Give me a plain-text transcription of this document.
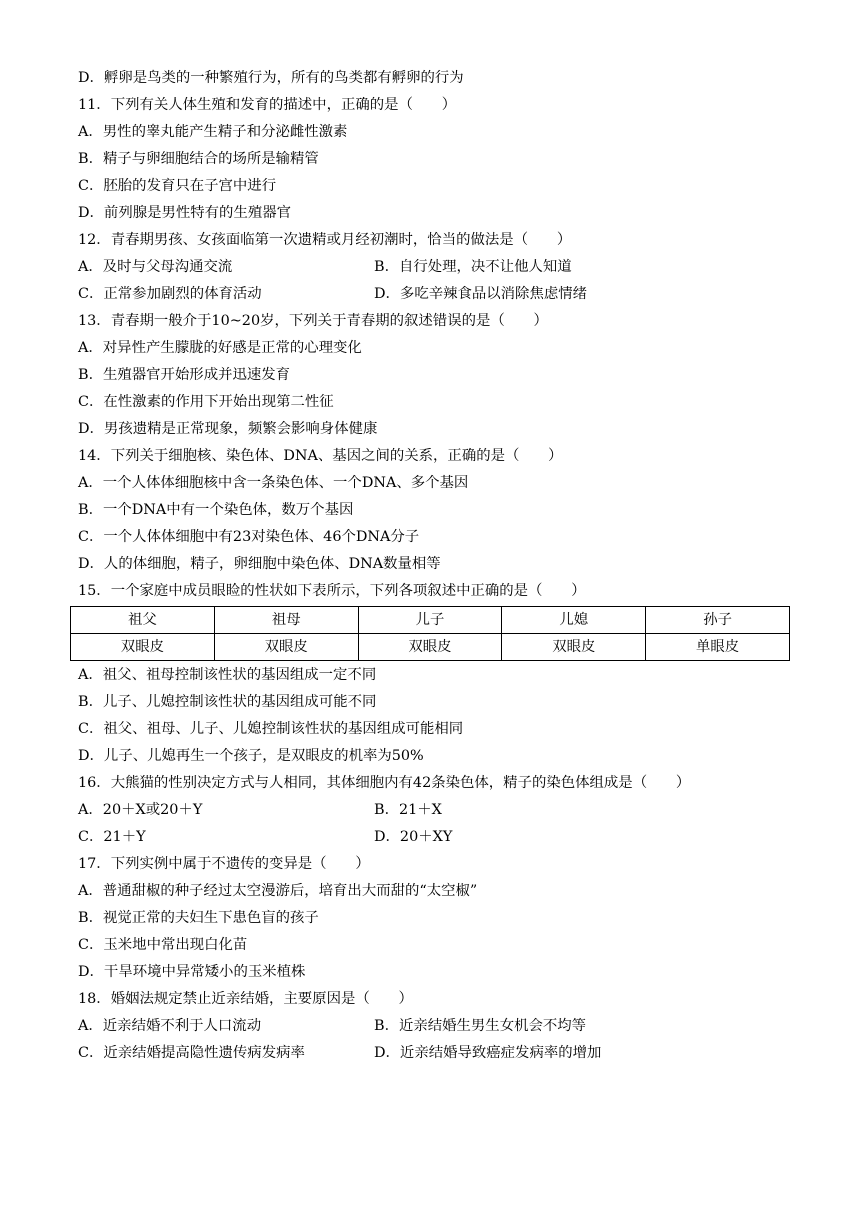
D．孵卵是鸟类的一种繁殖行为，所有的鸟类都有孵卵的行为
11．下列有关人体生殖和发育的描述中，正确的是（　　）
A．男性的睾丸能产生精子和分泌雌性激素
B．精子与卵细胞结合的场所是输精管
C．胚胎的发育只在子宫中进行
D．前列腺是男性特有的生殖器官
12．青春期男孩、女孩面临第一次遗精或月经初潮时，恰当的做法是（　　）
A．及时与父母沟通交流	B．自行处理，决不让他人知道
C．正常参加剧烈的体育活动	D．多吃辛辣食品以消除焦虑情绪
13．青春期一般介于10~20岁，下列关于青春期的叙述错误的是（　　）
A．对异性产生朦胧的好感是正常的心理变化
B．生殖器官开始形成并迅速发育
C．在性激素的作用下开始出现第二性征
D．男孩遗精是正常现象，频繁会影响身体健康
14．下列关于细胞核、染色体、DNA、基因之间的关系，正确的是（　　）
A．一个人体体细胞核中含一条染色体、一个DNA、多个基因
B．一个DNA中有一个染色体，数万个基因
C．一个人体体细胞中有23对染色体、46个DNA分子
D．人的体细胞，精子，卵细胞中染色体、DNA数量相等
15．一个家庭中成员眼睑的性状如下表所示，下列各项叙述中正确的是（　　）
祖父	祖母	儿子	儿媳	孙子
双眼皮	双眼皮	双眼皮	双眼皮	单眼皮
A．祖父、祖母控制该性状的基因组成一定不同
B．儿子、儿媳控制该性状的基因组成可能不同
C．祖父、祖母、儿子、儿媳控制该性状的基因组成可能相同
D．儿子、儿媳再生一个孩子，是双眼皮的机率为50%
16．大熊猫的性别决定方式与人相同，其体细胞内有42条染色体，精子的染色体组成是（　　）
A．20＋X或20＋Y	B．21＋X
C．21＋Y	D．20＋XY
17．下列实例中属于不遗传的变异是（　　）
A．普通甜椒的种子经过太空漫游后，培育出大而甜的“太空椒”
B．视觉正常的夫妇生下患色盲的孩子
C．玉米地中常出现白化苗
D．干旱环境中异常矮小的玉米植株
18．婚姻法规定禁止近亲结婚，主要原因是（　　）
A．近亲结婚不利于人口流动	B．近亲结婚生男生女机会不均等
C．近亲结婚提高隐性遗传病发病率	D．近亲结婚导致癌症发病率的增加
